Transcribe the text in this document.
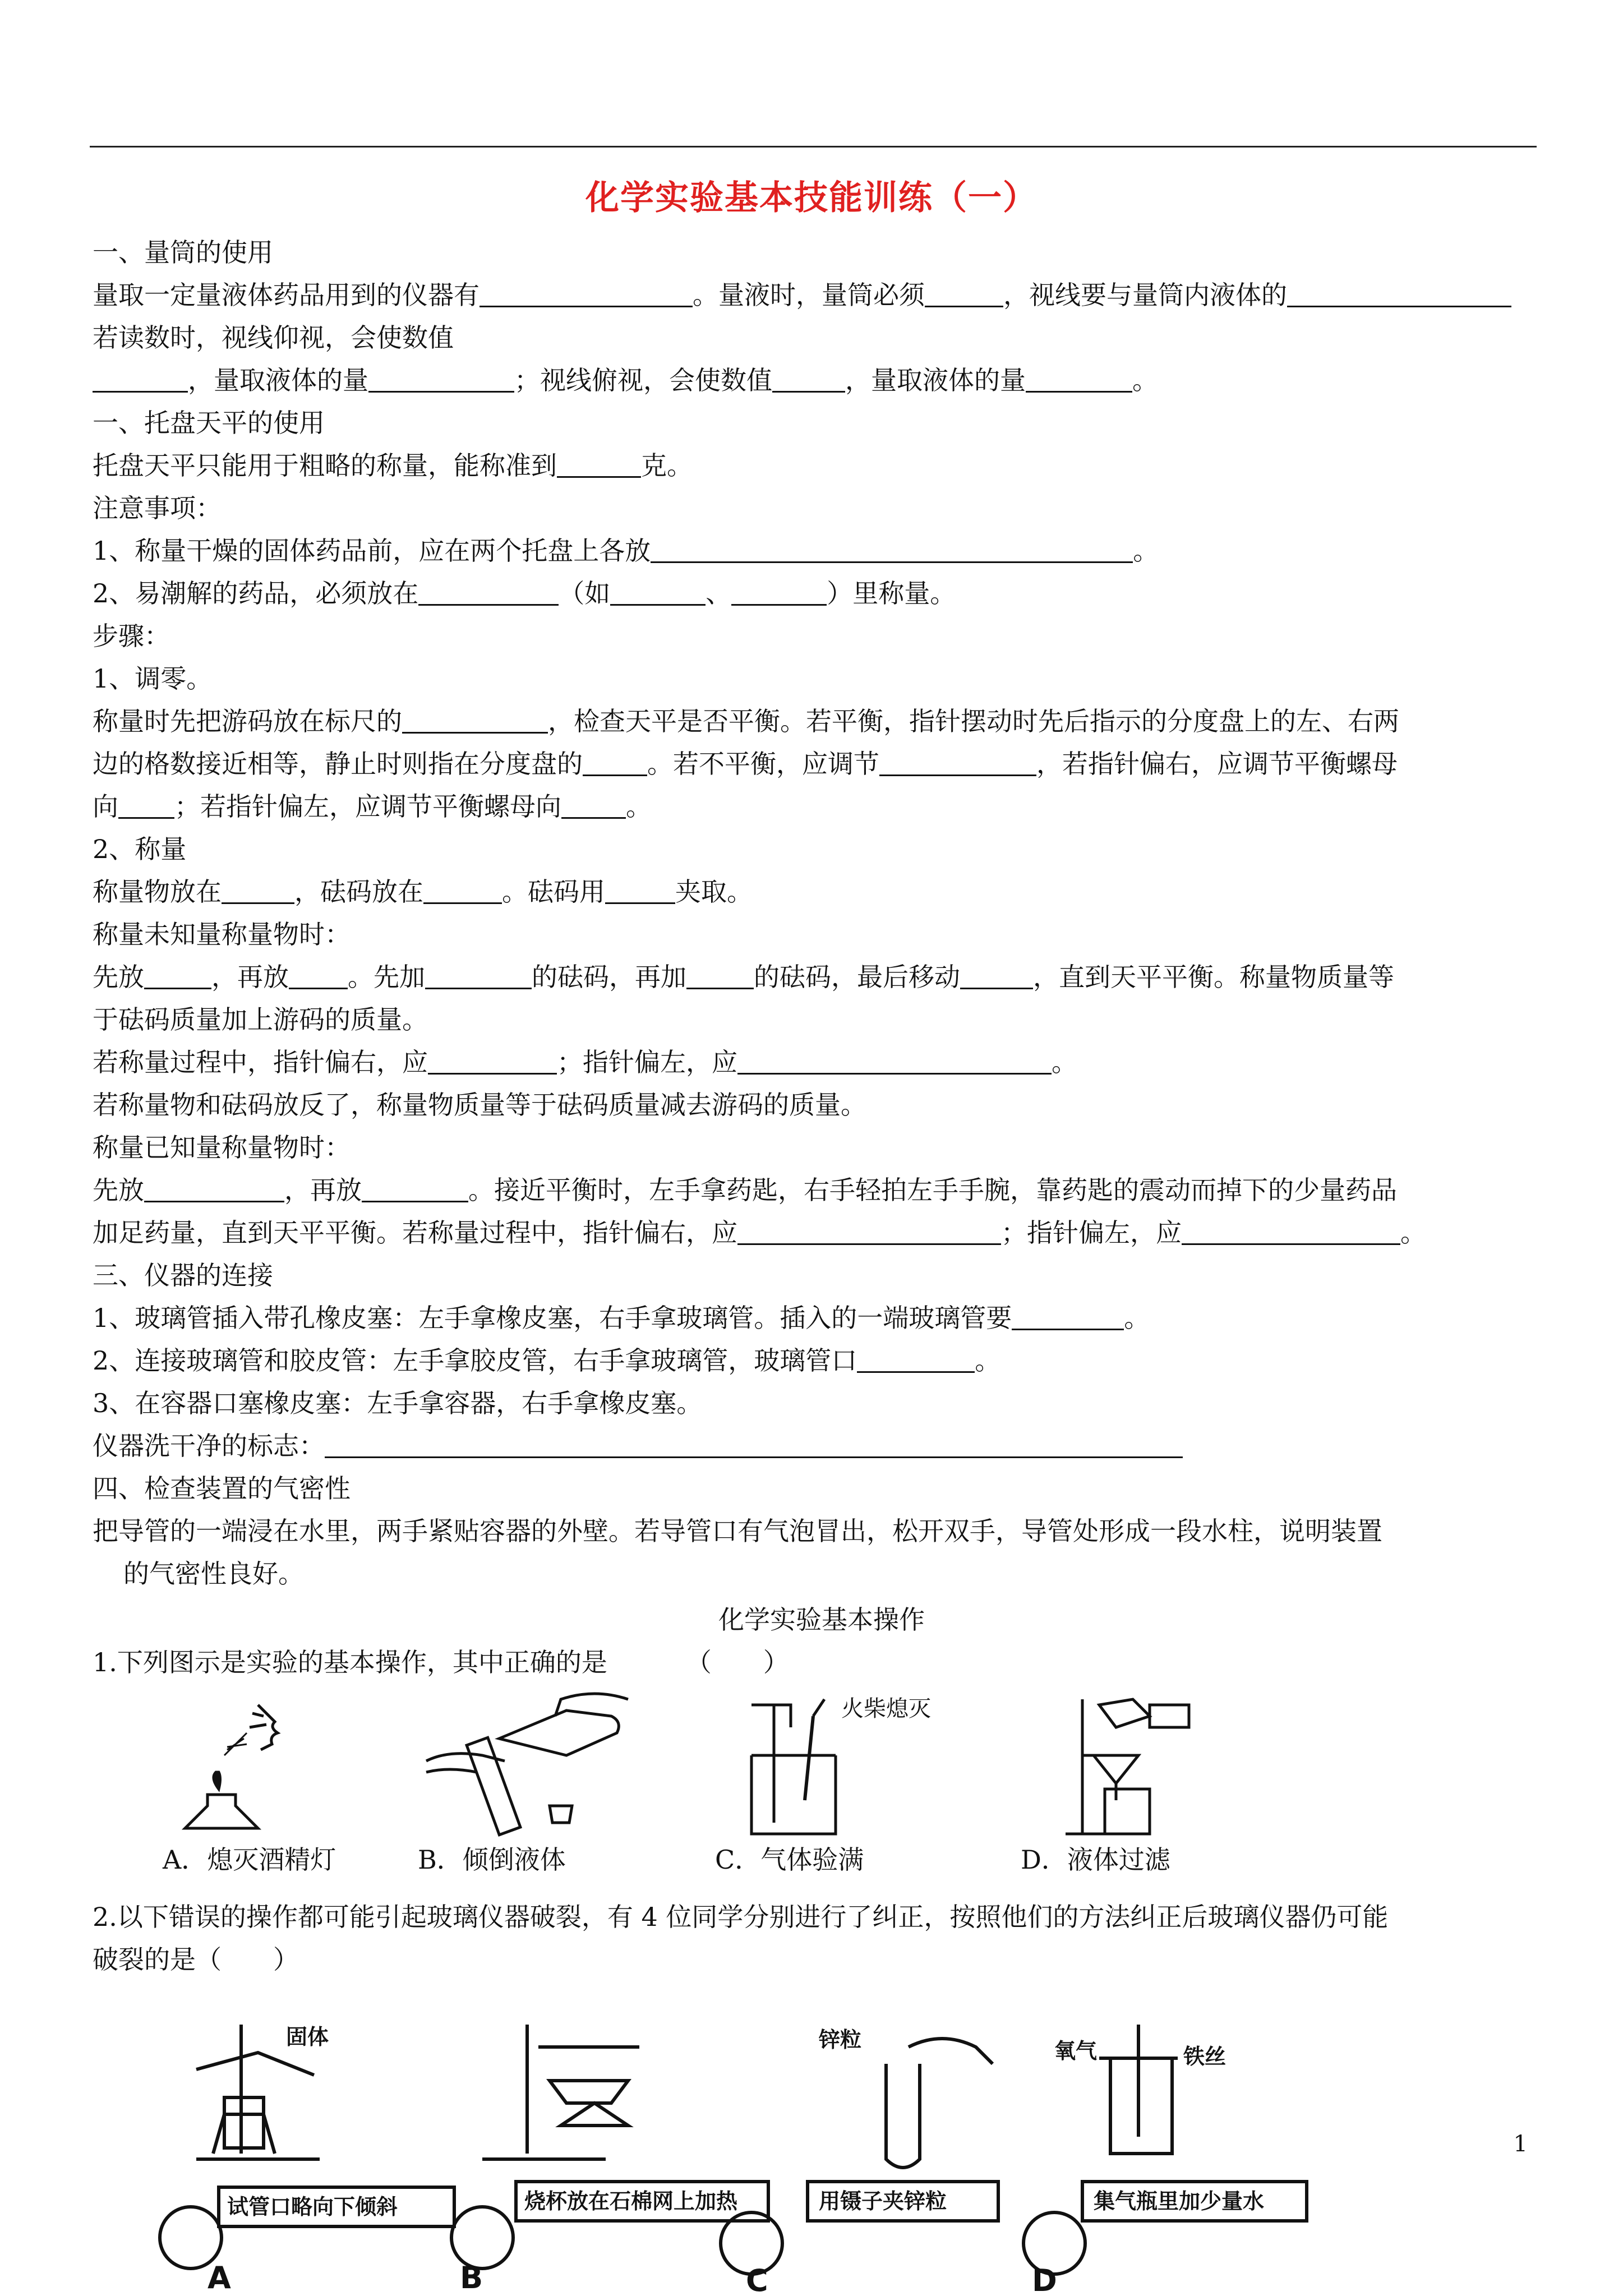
化学实验基本技能训练（一）
一、量筒的使用
量取一定量液体药品用到的仪器有	。量液时，量筒必须	，视线要与量筒内液体的
若读数时，视线仰视，会使数值
，量取液体的量	；视线俯视，会使数值	，量取液体的量	。
一、托盘天平的使用
托盘天平只能用于粗略的称量，能称准到	克。
注意事项：
1、称量干燥的固体药品前，应在两个托盘上各放	。
2、易潮解的药品，必须放在	（如	、	）里称量。
步骤：
1、调零。
称量时先把游码放在标尺的	，检查天平是否平衡。若平衡，指针摆动时先后指示的分度盘上的左、右两
边的格数接近相等，静止时则指在分度盘的	。若不平衡，应调节	，若指针偏右，应调节平衡螺母
向 ；若指针偏左，应调节平衡螺母向	。
2、称量
称量物放在	，砝码放在	。砝码用	夹取。
称量未知量称量物时：
先放	，再放 。先加	的砝码，再加	的砝码，最后移动	，直到天平平衡。称量物质量等
于砝码质量加上游码的质量。
若称量过程中，指针偏右，应	；指针偏左，应	。
若称量物和砝码放反了，称量物质量等于砝码质量减去游码的质量。
称量已知量称量物时：
先放	，再放	。接近平衡时，左手拿药匙，右手轻拍左手手腕，靠药匙的震动而掉下的少量药品
加足药量，直到天平平衡。若称量过程中，指针偏右，应	；指针偏左，应	。
三、仪器的连接
1、玻璃管插入带孔橡皮塞：左手拿橡皮塞，右手拿玻璃管。插入的一端玻璃管要	。
2、连接玻璃管和胶皮管：左手拿胶皮管，右手拿玻璃管，玻璃管口	。
3、在容器口塞橡皮塞：左手拿容器，右手拿橡皮塞。
仪器洗干净的标志：
四、检查装置的气密性
把导管的一端浸在水里，两手紧贴容器的外壁。若导管口有气泡冒出，松开双手，导管处形成一段水柱，说明装置
的气密性良好。
化学实验基本操作
1.下列图示是实验的基本操作，其中正确的是	（　　）
火柴熄灭
A．熄灭酒精灯	B．倾倒液体	C．气体验满	D．液体过滤
2.以下错误的操作都可能引起玻璃仪器破裂，有 4 位同学分别进行了纠正，按照他们的方法纠正后玻璃仪器仍可能
破裂的是（　　）
固体
试管口略向下倾斜	烧杯放在石棉网上加热
锌粒
用镊子夹锌粒
氧气	铁丝
集气瓶里加少量水
A	B	C	D
1
